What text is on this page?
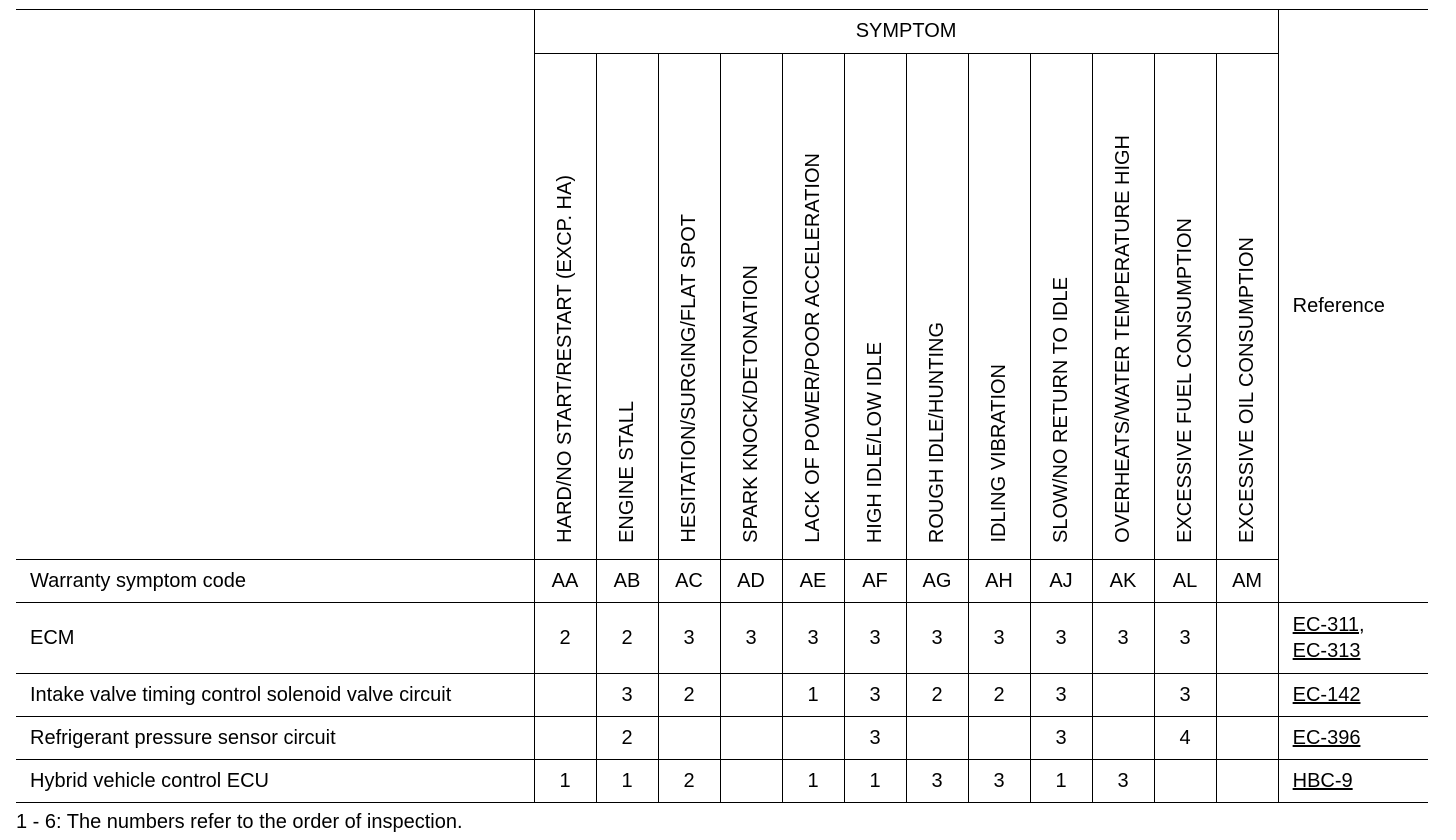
	SYMPTOM												Reference

	HARD/NO START/RESTART (EXCP. HA)	ENGINE STALL	HESITATION/SURGING/FLAT SPOT	SPARK KNOCK/DETONATION	LACK OF POWER/POOR ACCELERATION	HIGH IDLE/LOW IDLE	ROUGH IDLE/HUNTING	IDLING VIBRATION	SLOW/NO RETURN TO IDLE	OVERHEATS/WATER TEMPERATURE HIGH	EXCESSIVE FUEL CONSUMPTION	EXCESSIVE OIL CONSUMPTION	

Warranty symptom code	AA	AB	AC	AD	AE	AF	AG	AH	AJ	AK	AL	AM	
ECM	2	2	3	3	3	3	3	3	3	3	3		EC-311,
EC-313
Intake valve timing control solenoid valve circuit		3	2		1	3	2	2	3		3		EC-142
Refrigerant pressure sensor circuit		2				3			3		4		EC-396
Hybrid vehicle control ECU	1	1	2		1	1	3	3	1	3			HBC-9
1 - 6: The numbers refer to the order of inspection.
